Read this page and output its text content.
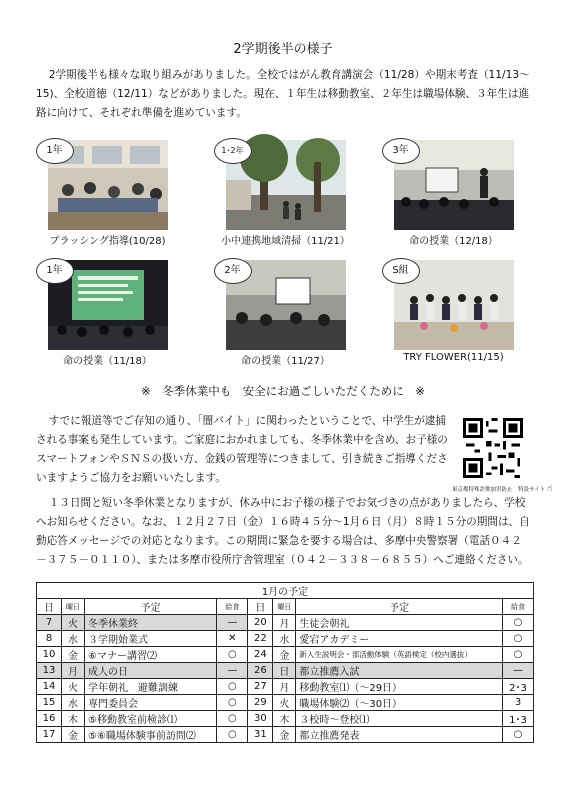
2学期後半の様子

2学期後半も様々な取り組みがありました。全校ではがん教育講演会（11/28）や期末考査（11/13〜15)、全校道徳（12/11）などがありました。現在、１年生は移動教室、２年生は職場体験、３年生は進路に向けて、それぞれ準備を進めています。

1年
ブラッシング指導(10/28)
1･2年
小中連携地域清掃（11/21）
3年
命の授業（12/18）
1年
命の授業（11/18）
2年
命の授業（11/27）
S組
TRY FLOWER(11/15)
※　冬季休業中も　安全にお過ごしいただくために　※

すでに報道等でご存知の通り、「闇バイト」に関わったということで、中学生が逮捕される事案も発生しています。ご家庭におかれましても、冬季休業中を含め、お子様のスマートフォンやＳＮＳの扱い方、金銭の管理等につきまして、引き続きご指導くださいますようご協力をお願いいたします。

東京都特殊詐欺加害防止　特設サイト ☝

１３日間と短い冬季休業となりますが、休み中にお子様の様子でお気づきの点がありましたら、学校へお知らせください。なお、１２月２７日（金）１６時４５分〜1月６日（月）８時１５分の期間は、自動応答メッセージでの対応となります。この期間に緊急を要する場合は、多摩中央警察署（電話０４２－３７５－０１１０）、または多摩市役所庁舎管理室（０４２－３３８－６８５５）へご連絡ください。

1月の予定							
日	曜日	予定	給食	日	曜日	予定	給食
7	火	冬季休業終	—	20	月	生徒会朝礼	○
8	水	３学期始業式	✕	22	水	愛宕アカデミー	○
10	金	⑥マナー講習⑵	○	24	金	新入生説明会・部活動体験（英語検定（校内選抜）	○
13	月	成人の日	—	26	日	都立推薦入試	—
14	火	学年朝礼　避難訓練	○	27	月	移動教室⑴（〜29日）	2･3
15	水	専門委員会	○	29	火	職場体験⑵（〜30日）	3
16	木	⑤移動教室前検診⑴	○	30	木	３校時〜登校⑴	1･3
17	金	⑤⑥職場体験事前訪問⑵	○	31	金	都立推薦発表	○
